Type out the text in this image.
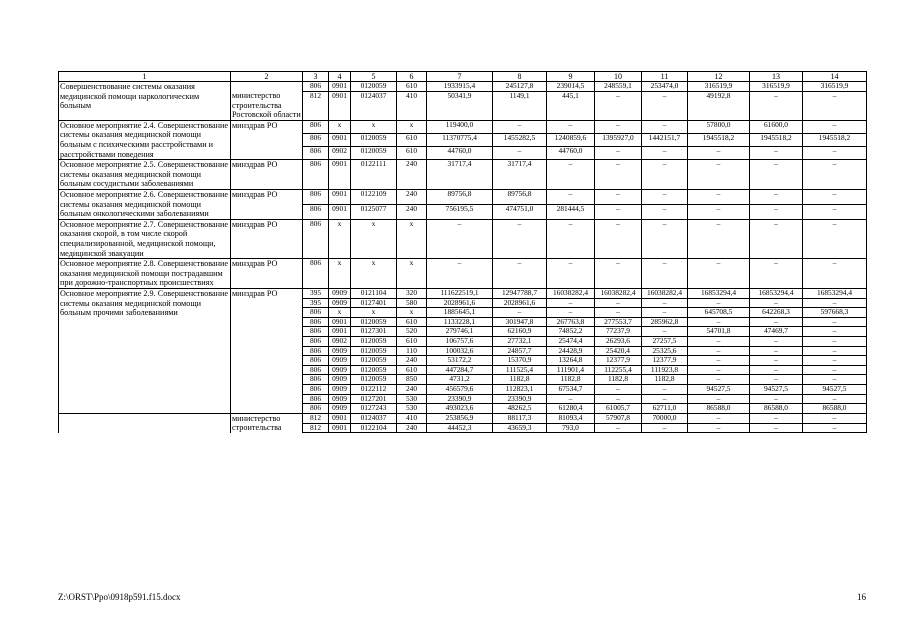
1	2	3	4	5	6	7	8	9	10	11	12	13	14
Совершенствование системы оказания медицинской помощи наркологическим больным		806	0901	0120059	610	1933915,4	245127,8	239014,5	248559,1	253474,0	316519,9	316519,9	316519,9
	министерство строительства Ростовской области	812	0901	0124037	410	50341,9	1149,1	445,1	–	–	49192,8	–	–
Основное мероприятие 2.4. Совершенствование системы оказания медицинской помощи больным с психическими расстройствами и расстройствами поведения	минздрав РО	806	х	х	х	119400,0	–	–	–	–	57800,0	61600,0	–
		806	0901	0120059	610	11370775,4	1455282,5	1240859,6	1395927,0	1442151,7	1945518,2	1945518,2	1945518,2
		806	0902	0120059	610	44760,0	–	44760,0	–	–	–	–	–
Основное мероприятие 2.5. Совершенствование системы оказания медицинской помощи больным сосудистыми заболеваниями	минздрав РО	806	0901	0122111	240	31717,4	31717,4	–	–	–	–	–	–
Основное мероприятие 2.6. Совершенствование системы оказания медицинской помощи больным онкологическими заболеваниями	минздрав РО	806	0901	0122109	240	89756,8	89756,8	–	–	–	–	–	–
		806	0901	0125077	240	756195,5	474751,0	281444,5	–	–	–	–	–
Основное мероприятие 2.7. Совершенствование оказания скорой, в том числе скорой специализированной, медицинской помощи, медицинской эвакуации	минздрав РО	806	х	х	х	–	–	–	–	–	–	–	–
Основное мероприятие 2.8. Совершенствование оказания медицинской помощи пострадавшим при дорожно-транспортных происшествиях	минздрав РО	806	х	х	х	–	–	–	–	–	–	–	–
Основное мероприятие 2.9. Совершенствование системы оказания медицинской помощи больным прочими заболеваниями	минздрав РО	395	0909	0121104	320	111622519,1	12947788,7	16038282,4	16038282,4	16038282,4	16853294,4	16853294,4	16853294,4
		395	0909	0127401	580	2028961,6	2028961,6	–	–	–	–	–	–
		806	х	х	х	1885645,1	–	–	–	–	645708,5	642268,3	597668,3
		806	0901	0120059	610	1133228,1	301947,8	267763,8	277553,7	285962,8	–	–	–
		806	0901	0127301	520	279746,1	62160,9	74852,2	77237,9	–	54701,8	47469,7	–
		806	0902	0120059	610	106757,6	27732,1	25474,4	26293,6	27257,5	–	–	–
		806	0909	0120059	110	100032,6	24857,7	24428,9	25420,4	25325,6	–	–	–
		806	0909	0120059	240	53172,2	15370,9	13264,8	12377,9	12377,9	–	–	–
		806	0909	0120059	610	447284,7	111525,4	111901,4	112255,4	111923,8	–	–	–
		806	0909	0120059	850	4731,2	1182,8	1182,8	1182,8	1182,8	–	–	–
		806	0909	0122112	240	456579,6	112823,1	67534,7	–	–	94527,5	94527,5	94527,5
		806	0909	0127201	530	23390,9	23390,9	–	–	–	–	–	–
		806	0909	0127243	530	493023,6	48262,5	61280,4	61005,7	62711,0	86588,0	86588,0	86588,0
	министерство строительства	812	0901	0124037	410	253856,9	88117,3	81093,4	57907,8	70000,0	–	–	–
		812	0901	0122104	240	44452,3	43659,3	793,0	–	–	–	–	–
Z:\ORST\Ppo\0918p591.f15.docx	16
